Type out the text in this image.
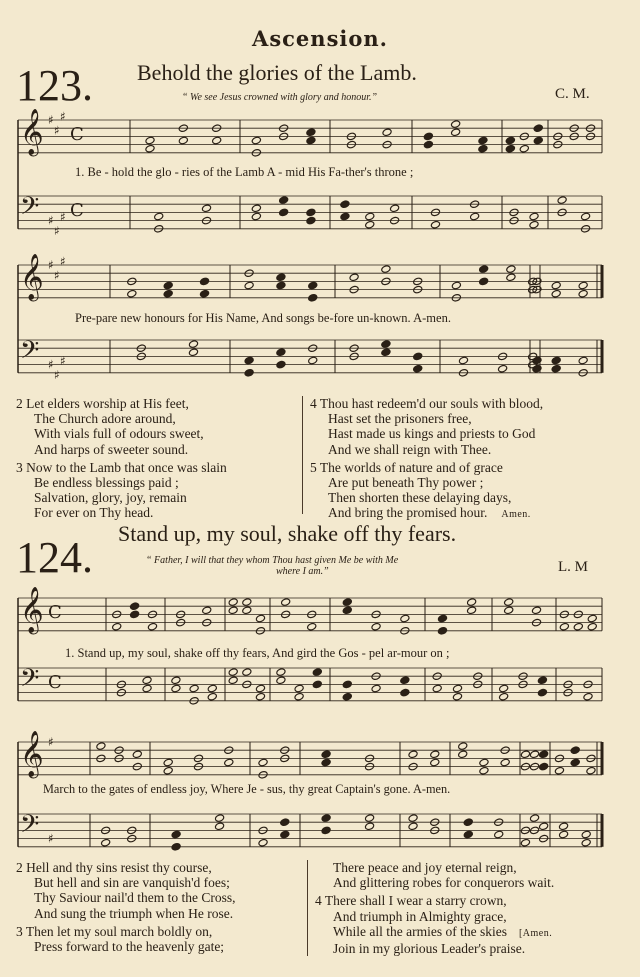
Ascension.
123. Behold the glories of the Lamb.
“ We see Jesus crowned with glory and honour.”	C. M.
𝄞 ♯
♯
♯
C
𝄢 ♯
♯
♯ C
𝄞 ♯
♯
♯
𝄢 ♯
♯
♯
𝄞 C
𝄢 C
𝄞 ♯
𝄢 ♯
1. Be - hold the glo - ries of the Lamb A - mid His Fa-ther's throne ;
Pre-pare new honours for His Name, And songs be-fore un-known. A-men.
2 Let elders worship at His feet,
The Church adore around,
With vials full of odours sweet,
And harps of sweeter sound.
3 Now to the Lamb that once was slain
Be endless blessings paid ;
Salvation, glory, joy, remain
For ever on Thy head.
4 Thou hast redeem'd our souls with blood,
Hast set the prisoners free,
Hast made us kings and priests to God
And we shall reign with Thee.
5 The worlds of nature and of grace
Are put beneath Thy power ;
Then shorten these delaying days,
And bring the promised hour. Amen.
124. Stand up, my soul, shake off thy fears.
“ Father, I will that they whom Thou hast given Me be with Me
where I am.”	L. M
1. Stand up, my soul, shake off thy fears, And gird the Gos - pel ar-mour on ;
March to the gates of endless joy, Where Je - sus, thy great Captain's gone. A-men.
2 Hell and thy sins resist thy course,
But hell and sin are vanquish'd foes;
Thy Saviour nail'd them to the Cross,
And sung the triumph when He rose.
3 Then let my soul march boldly on,
Press forward to the heavenly gate;
There peace and joy eternal reign,
And glittering robes for conquerors wait.
4 There shall I wear a starry crown,
And triumph in Almighty grace,
While all the armies of the skies [Amen.
Join in my glorious Leader's praise.
